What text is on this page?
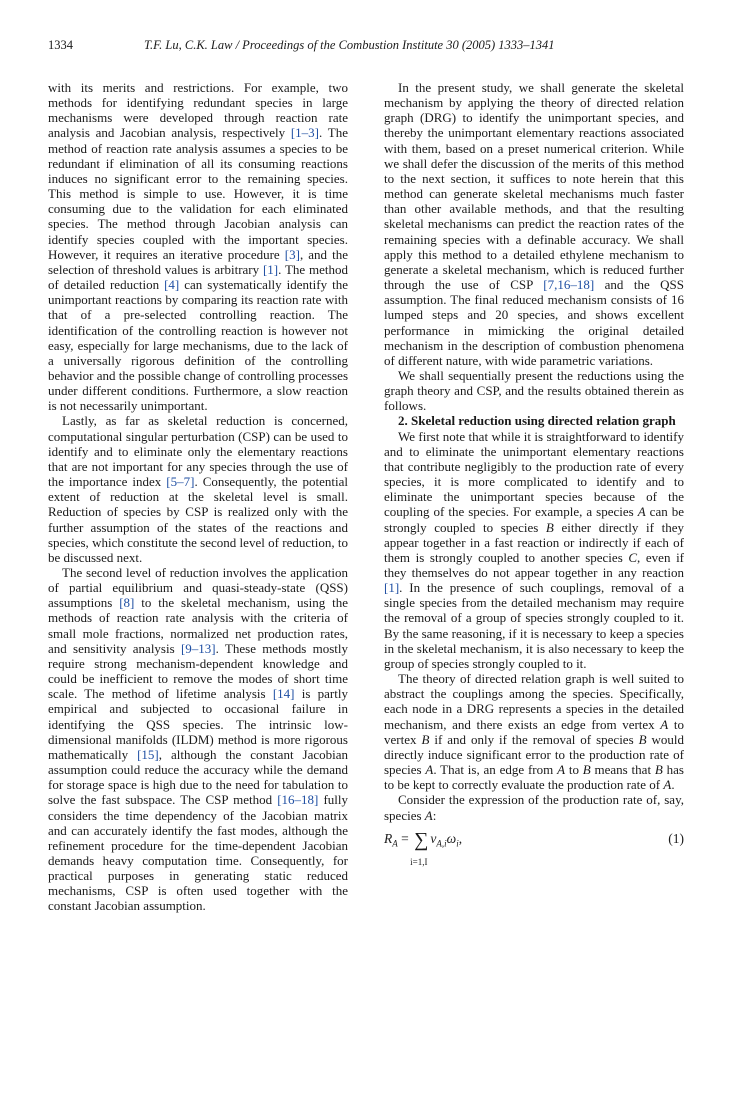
1334	T.F. Lu, C.K. Law / Proceedings of the Combustion Institute 30 (2005) 1333–1341

with its merits and restrictions. For example, two methods for identifying redundant species in large mechanisms were developed through reaction rate analysis and Jacobian analysis, respectively [1–3]. The method of reaction rate analysis assumes a species to be redundant if elimination of all its consuming reactions induces no significant error to the remaining species. This method is simple to use. However, it is time consuming due to the validation for each eliminated species. The method through Jacobian analysis can identify species coupled with the important species. However, it requires an iterative procedure [3], and the selection of threshold values is arbitrary [1]. The method of detailed reduction [4] can systematically identify the unimportant reactions by comparing its reaction rate with that of a pre-selected controlling reaction. The identification of the controlling reaction is however not easy, especially for large mechanisms, due to the lack of a universally rigorous definition of the controlling behavior and the possible change of controlling processes under different conditions. Furthermore, a slow reaction is not necessarily unimportant.

Lastly, as far as skeletal reduction is concerned, computational singular perturbation (CSP) can be used to identify and to eliminate only the elementary reactions that are not important for any species through the use of the importance index [5–7]. Consequently, the potential extent of reduction at the skeletal level is small. Reduction of species by CSP is realized only with the further assumption of the states of the reactions and species, which constitute the second level of reduction, to be discussed next.

The second level of reduction involves the application of partial equilibrium and quasi-steady-state (QSS) assumptions [8] to the skeletal mechanism, using the methods of reaction rate analysis with the criteria of small mole fractions, normalized net production rates, and sensitivity analysis [9–13]. These methods mostly require strong mechanism-dependent knowledge and could be inefficient to remove the modes of short time scale. The method of lifetime analysis [14] is partly empirical and subjected to occasional failure in identifying the QSS species. The intrinsic low-dimensional manifolds (ILDM) method is more rigorous mathematically [15], although the constant Jacobian assumption could reduce the accuracy while the demand for storage space is high due to the need for tabulation to solve the fast subspace. The CSP method [16–18] fully considers the time dependency of the Jacobian matrix and can accurately identify the fast modes, although the refinement procedure for the time-dependent Jacobian demands heavy computation time. Consequently, for practical purposes in generating static reduced mechanisms, CSP is often used together with the constant Jacobian assumption.

In the present study, we shall generate the skeletal mechanism by applying the theory of directed relation graph (DRG) to identify the unimportant species, and thereby the unimportant elementary reactions associated with them, based on a preset numerical criterion. While we shall defer the discussion of the merits of this method to the next section, it suffices to note herein that this method can generate skeletal mechanisms much faster than other available methods, and that the resulting skeletal mechanisms can predict the reaction rates of the remaining species with a definable accuracy. We shall apply this method to a detailed ethylene mechanism to generate a skeletal mechanism, which is reduced further through the use of CSP [7,16–18] and the QSS assumption. The final reduced mechanism consists of 16 lumped steps and 20 species, and shows excellent performance in mimicking the original detailed mechanism in the description of combustion phenomena of different nature, with wide parametric variations.

We shall sequentially present the reductions using the graph theory and CSP, and the results obtained therein as follows.

2. Skeletal reduction using directed relation graph

We first note that while it is straightforward to identify and to eliminate the unimportant elementary reactions that contribute negligibly to the production rate of every species, it is more complicated to identify and to eliminate the unimportant species because of the coupling of the species. For example, a species A can be strongly coupled to species B either directly if they appear together in a fast reaction or indirectly if each of them is strongly coupled to another species C, even if they themselves do not appear together in any reaction [1]. In the presence of such couplings, removal of a single species from the detailed mechanism may require the removal of a group of species strongly coupled to it. By the same reasoning, if it is necessary to keep a species in the skeletal mechanism, it is also necessary to keep the group of species strongly coupled to it.

The theory of directed relation graph is well suited to abstract the couplings among the species. Specifically, each node in a DRG represents a species in the detailed mechanism, and there exists an edge from vertex A to vertex B if and only if the removal of species B would directly induce significant error to the production rate of species A. That is, an edge from A to B means that B has to be kept to correctly evaluate the production rate of A.

Consider the expression of the production rate of, say, species A:

$R_A$ = ∑
i=1,I
$\nu_{A,i}\omega_i$,	(1)
